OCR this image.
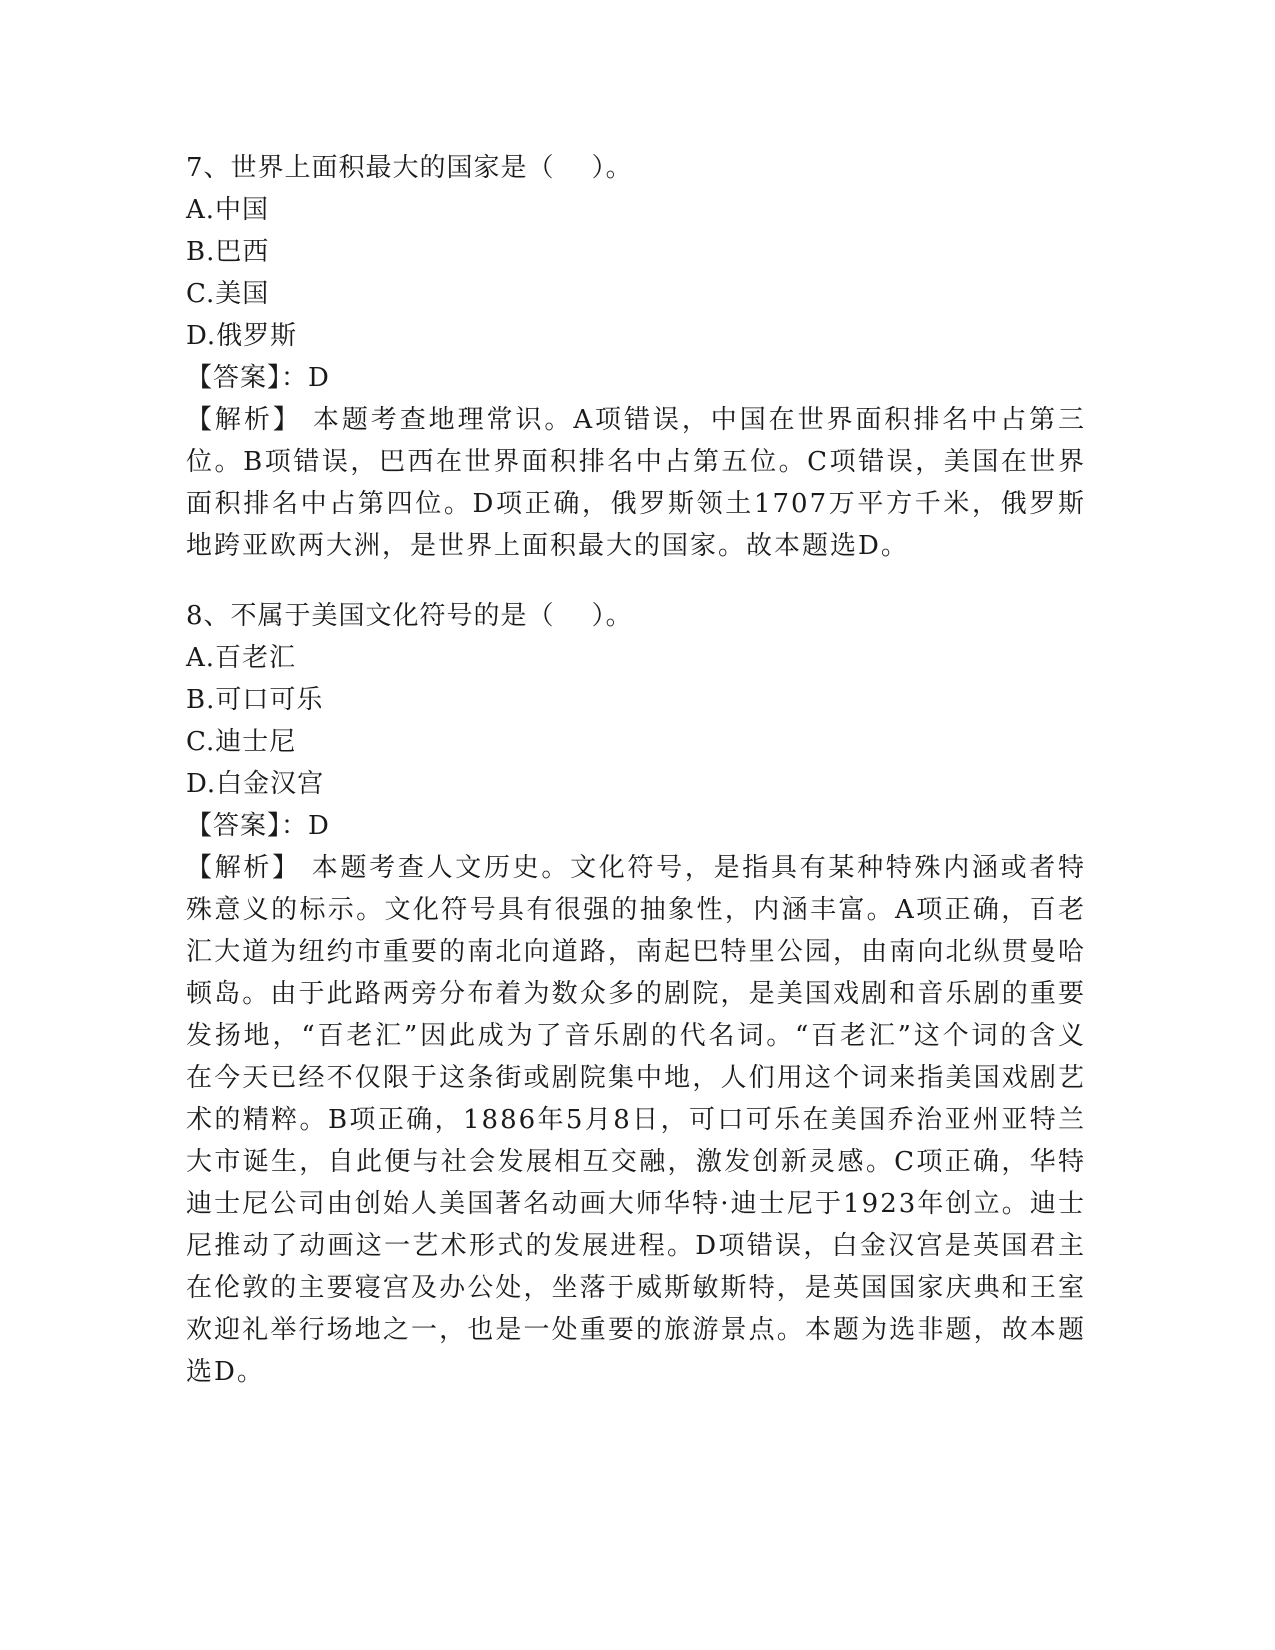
7、世界上面积最大的国家是（    ）。
A.中国
B.巴西
C.美国
D.俄罗斯
【答案】：D

【解析】 本题考查地理常识。A项错误，中国在世界面积排名中占第三位。B项错误，巴西在世界面积排名中占第五位。C项错误，美国在世界面积排名中占第四位。D项正确，俄罗斯领土1707万平方千米，俄罗斯地跨亚欧两大洲，是世界上面积最大的国家。故本题选D。

8、不属于美国文化符号的是（    ）。
A.百老汇
B.可口可乐
C.迪士尼
D.白金汉宫
【答案】：D

【解析】 本题考查人文历史。文化符号，是指具有某种特殊内涵或者特殊意义的标示。文化符号具有很强的抽象性，内涵丰富。A项正确，百老汇大道为纽约市重要的南北向道路，南起巴特里公园，由南向北纵贯曼哈顿岛。由于此路两旁分布着为数众多的剧院，是美国戏剧和音乐剧的重要发扬地，“百老汇”因此成为了音乐剧的代名词。“百老汇”这个词的含义在今天已经不仅限于这条街或剧院集中地，人们用这个词来指美国戏剧艺术的精粹。B项正确，1886年5月8日，可口可乐在美国乔治亚州亚特兰大市诞生，自此便与社会发展相互交融，激发创新灵感。C项正确，华特迪士尼公司由创始人美国著名动画大师华特·迪士尼于1923年创立。迪士尼推动了动画这一艺术形式的发展进程。D项错误，白金汉宫是英国君主在伦敦的主要寝宫及办公处，坐落于威斯敏斯特，是英国国家庆典和王室欢迎礼举行场地之一，也是一处重要的旅游景点。本题为选非题，故本题选D。
